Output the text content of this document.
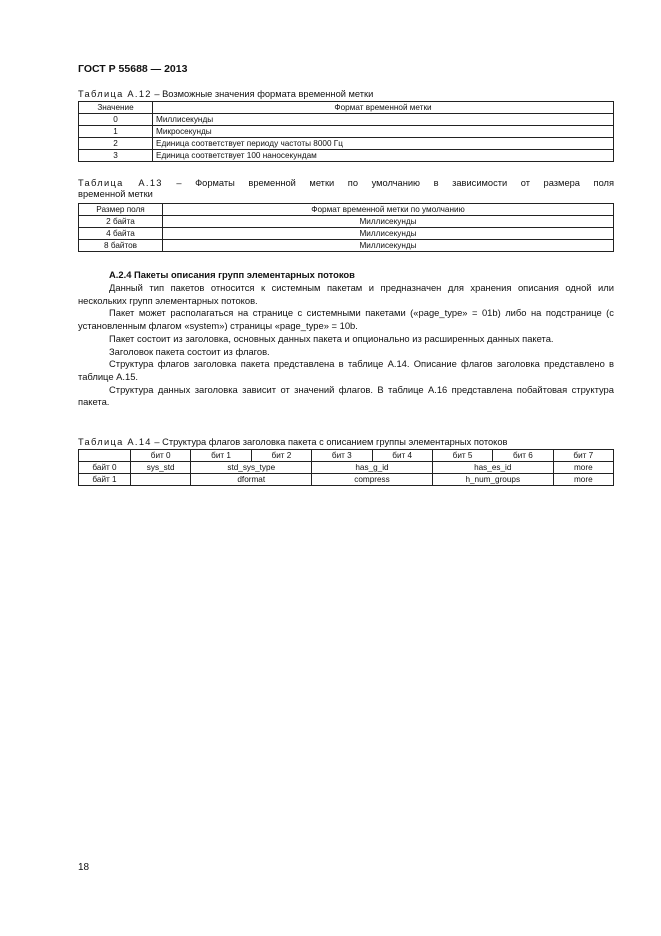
ГОСТ Р 55688 — 2013
Таблица А.12 – Возможные значения формата временной метки
Значение	Формат временной метки
0	Миллисекунды
1	Микросекунды
2	Единица соответствует периоду частоты 8000 Гц
3	Единица соответствует 100 наносекундам
Таблица А.13 – Форматы временной метки по умолчанию в зависимости от размера поля
временной метки
Размер поля	Формат временной метки по умолчанию
2 байта	Миллисекунды
4 байта	Миллисекунды
8 байтов	Миллисекунды
А.2.4 Пакеты описания групп элементарных потоков

Данный тип пакетов относится к системным пакетам и предназначен для хранения описания одной или нескольких групп элементарных потоков.

Пакет может располагаться на странице с системными пакетами («page_type» = 01b) либо на подстранице (с установленным флагом «system») страницы «page_type» = 10b.

Пакет состоит из заголовка, основных данных пакета и опционально из расширенных данных пакета.

Заголовок пакета состоит из флагов.

Структура флагов заголовка пакета представлена в таблице А.14. Описание флагов заголовка представлено в таблице А.15.

Структура данных заголовка зависит от значений флагов. В таблице А.16 представлена побайтовая структура пакета.

Таблица А.14 – Структура флагов заголовка пакета с описанием группы элементарных потоков
	бит 0	бит 1	бит 2	бит 3	бит 4	бит 5	бит 6	бит 7
байт 0	sys_std	std_sys_type		has_g_id		has_es_id		more
байт 1		dformat		compress		h_num_groups		more
18
